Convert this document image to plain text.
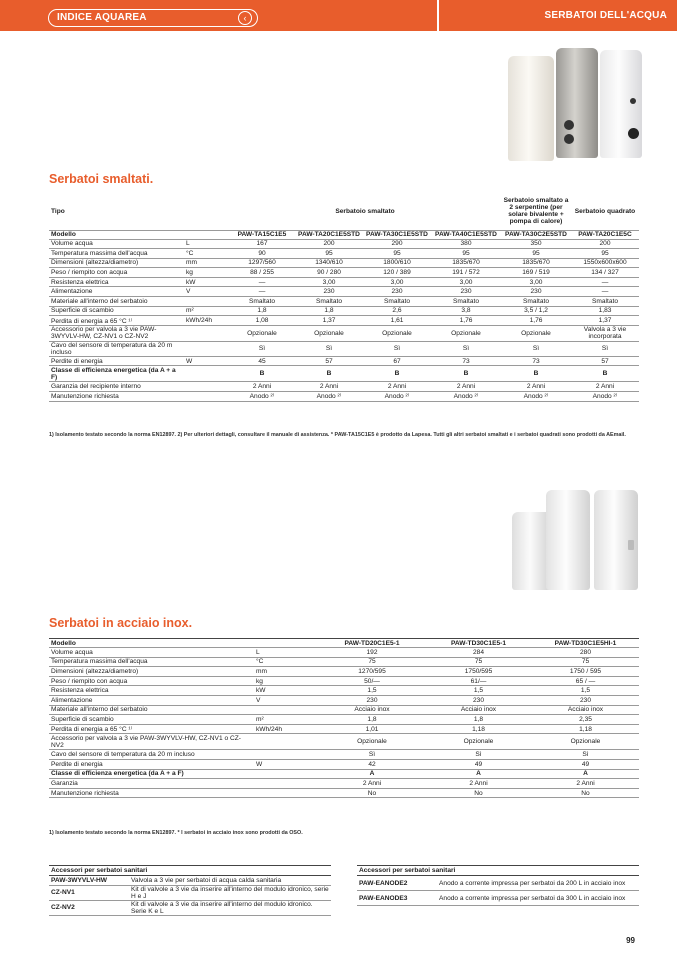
INDICE AQUAREA	‹	SERBATOI DELL'ACQUA
Serbatoi smaltati.
Tipo		Serbatoio smaltato				Serbatoio smaltato a 2 serpentine (per solare bivalente + pompa di calore)	Serbatoio quadrato
Modello		PAW-TA15C1E5	PAW-TA20C1E5STD	PAW-TA30C1E5STD	PAW-TA40C1E5STD	PAW-TA30C2E5STD	PAW-TA20C1E5C
Volume acqua	L	167	200	290	380	350	200
Temperatura massima dell'acqua	°C	90	95	95	95	95	95
Dimensioni (altezza/diametro)	mm	1297/560	1340/610	1800/610	1835/670	1835/670	1550x600x600
Peso / riempito con acqua	kg	88 / 255	90 / 280	120 / 389	191 / 572	169 / 519	134 / 327
Resistenza elettrica	kW	—	3,00	3,00	3,00	3,00	—
Alimentazione	V	—	230	230	230	230	—
Materiale all'interno del serbatoio		Smaltato	Smaltato	Smaltato	Smaltato	Smaltato	Smaltato
Superficie di scambio	m²	1,8	1,8	2,6	3,8	3,5 / 1,2	1,83
Perdita di energia a 65 °C ¹⁾	kWh/24h	1,08	1,37	1,61	1,76	1,76	1,37
Accessorio per valvola a 3 vie PAW-3WYVLV-HW, CZ-NV1 o CZ-NV2		Opzionale	Opzionale	Opzionale	Opzionale	Opzionale	Valvola a 3 vie incorporata
Cavo del sensore di temperatura da 20 m incluso		Sì	Sì	Sì	Sì	Sì	Sì
Perdite di energia	W	45	57	67	73	73	57
Classe di efficienza energetica (da A + a F)		B	B	B	B	B	B
Garanzia del recipiente interno		2 Anni	2 Anni	2 Anni	2 Anni	2 Anni	2 Anni
Manutenzione richiesta		Anodo ²⁾	Anodo ²⁾	Anodo ²⁾	Anodo ²⁾	Anodo ²⁾	Anodo ²⁾
1) Isolamento testato secondo la norma EN12897. 2) Per ulteriori dettagli, consultare il manuale di assistenza. * PAW-TA15C1E5 è prodotto da Lapesa. Tutti gli altri serbatoi smaltati e i serbatoi quadrati sono prodotti da AEmail.
Serbatoi in acciaio inox.
Modello		PAW-TD20C1E5-1	PAW-TD30C1E5-1	PAW-TD30C1E5HI-1
Volume acqua	L	192	284	280
Temperatura massima dell'acqua	°C	75	75	75
Dimensioni (altezza/diametro)	mm	1270/595	1750/595	1750 / 595
Peso / riempito con acqua	kg	50/—	61/—	65 / —
Resistenza elettrica	kW	1,5	1,5	1,5
Alimentazione	V	230	230	230
Materiale all'interno del serbatoio		Acciaio inox	Acciaio inox	Acciaio inox
Superficie di scambio	m²	1,8	1,8	2,35
Perdita di energia a 65 °C ¹⁾	kWh/24h	1,01	1,18	1,18
Accessorio per valvola a 3 vie PAW-3WYVLV-HW, CZ-NV1 o CZ-NV2		Opzionale	Opzionale	Opzionale
Cavo del sensore di temperatura da 20 m incluso		Sì	Sì	Sì
Perdite di energia	W	42	49	49
Classe di efficienza energetica (da A + a F)		A	A	A
Garanzia		2 Anni	2 Anni	2 Anni
Manutenzione richiesta		No	No	No
1) Isolamento testato secondo la norma EN12897. * I serbatoi in acciaio inox sono prodotti da OSO.
Accessori per serbatoi sanitari	
PAW-3WYVLV-HW	Valvola a 3 vie per serbatoi di acqua calda sanitaria
CZ-NV1	Kit di valvole a 3 vie da inserire all'interno del modulo idronico, serie H e J
CZ-NV2	Kit di valvole a 3 vie da inserire all'interno del modulo idronico. Serie K e L
Accessori per serbatoi sanitari	
PAW-EANODE2	Anodo a corrente impressa per serbatoi da 200 L in acciaio inox
PAW-EANODE3	Anodo a corrente impressa per serbatoi da 300 L in acciaio inox
99
